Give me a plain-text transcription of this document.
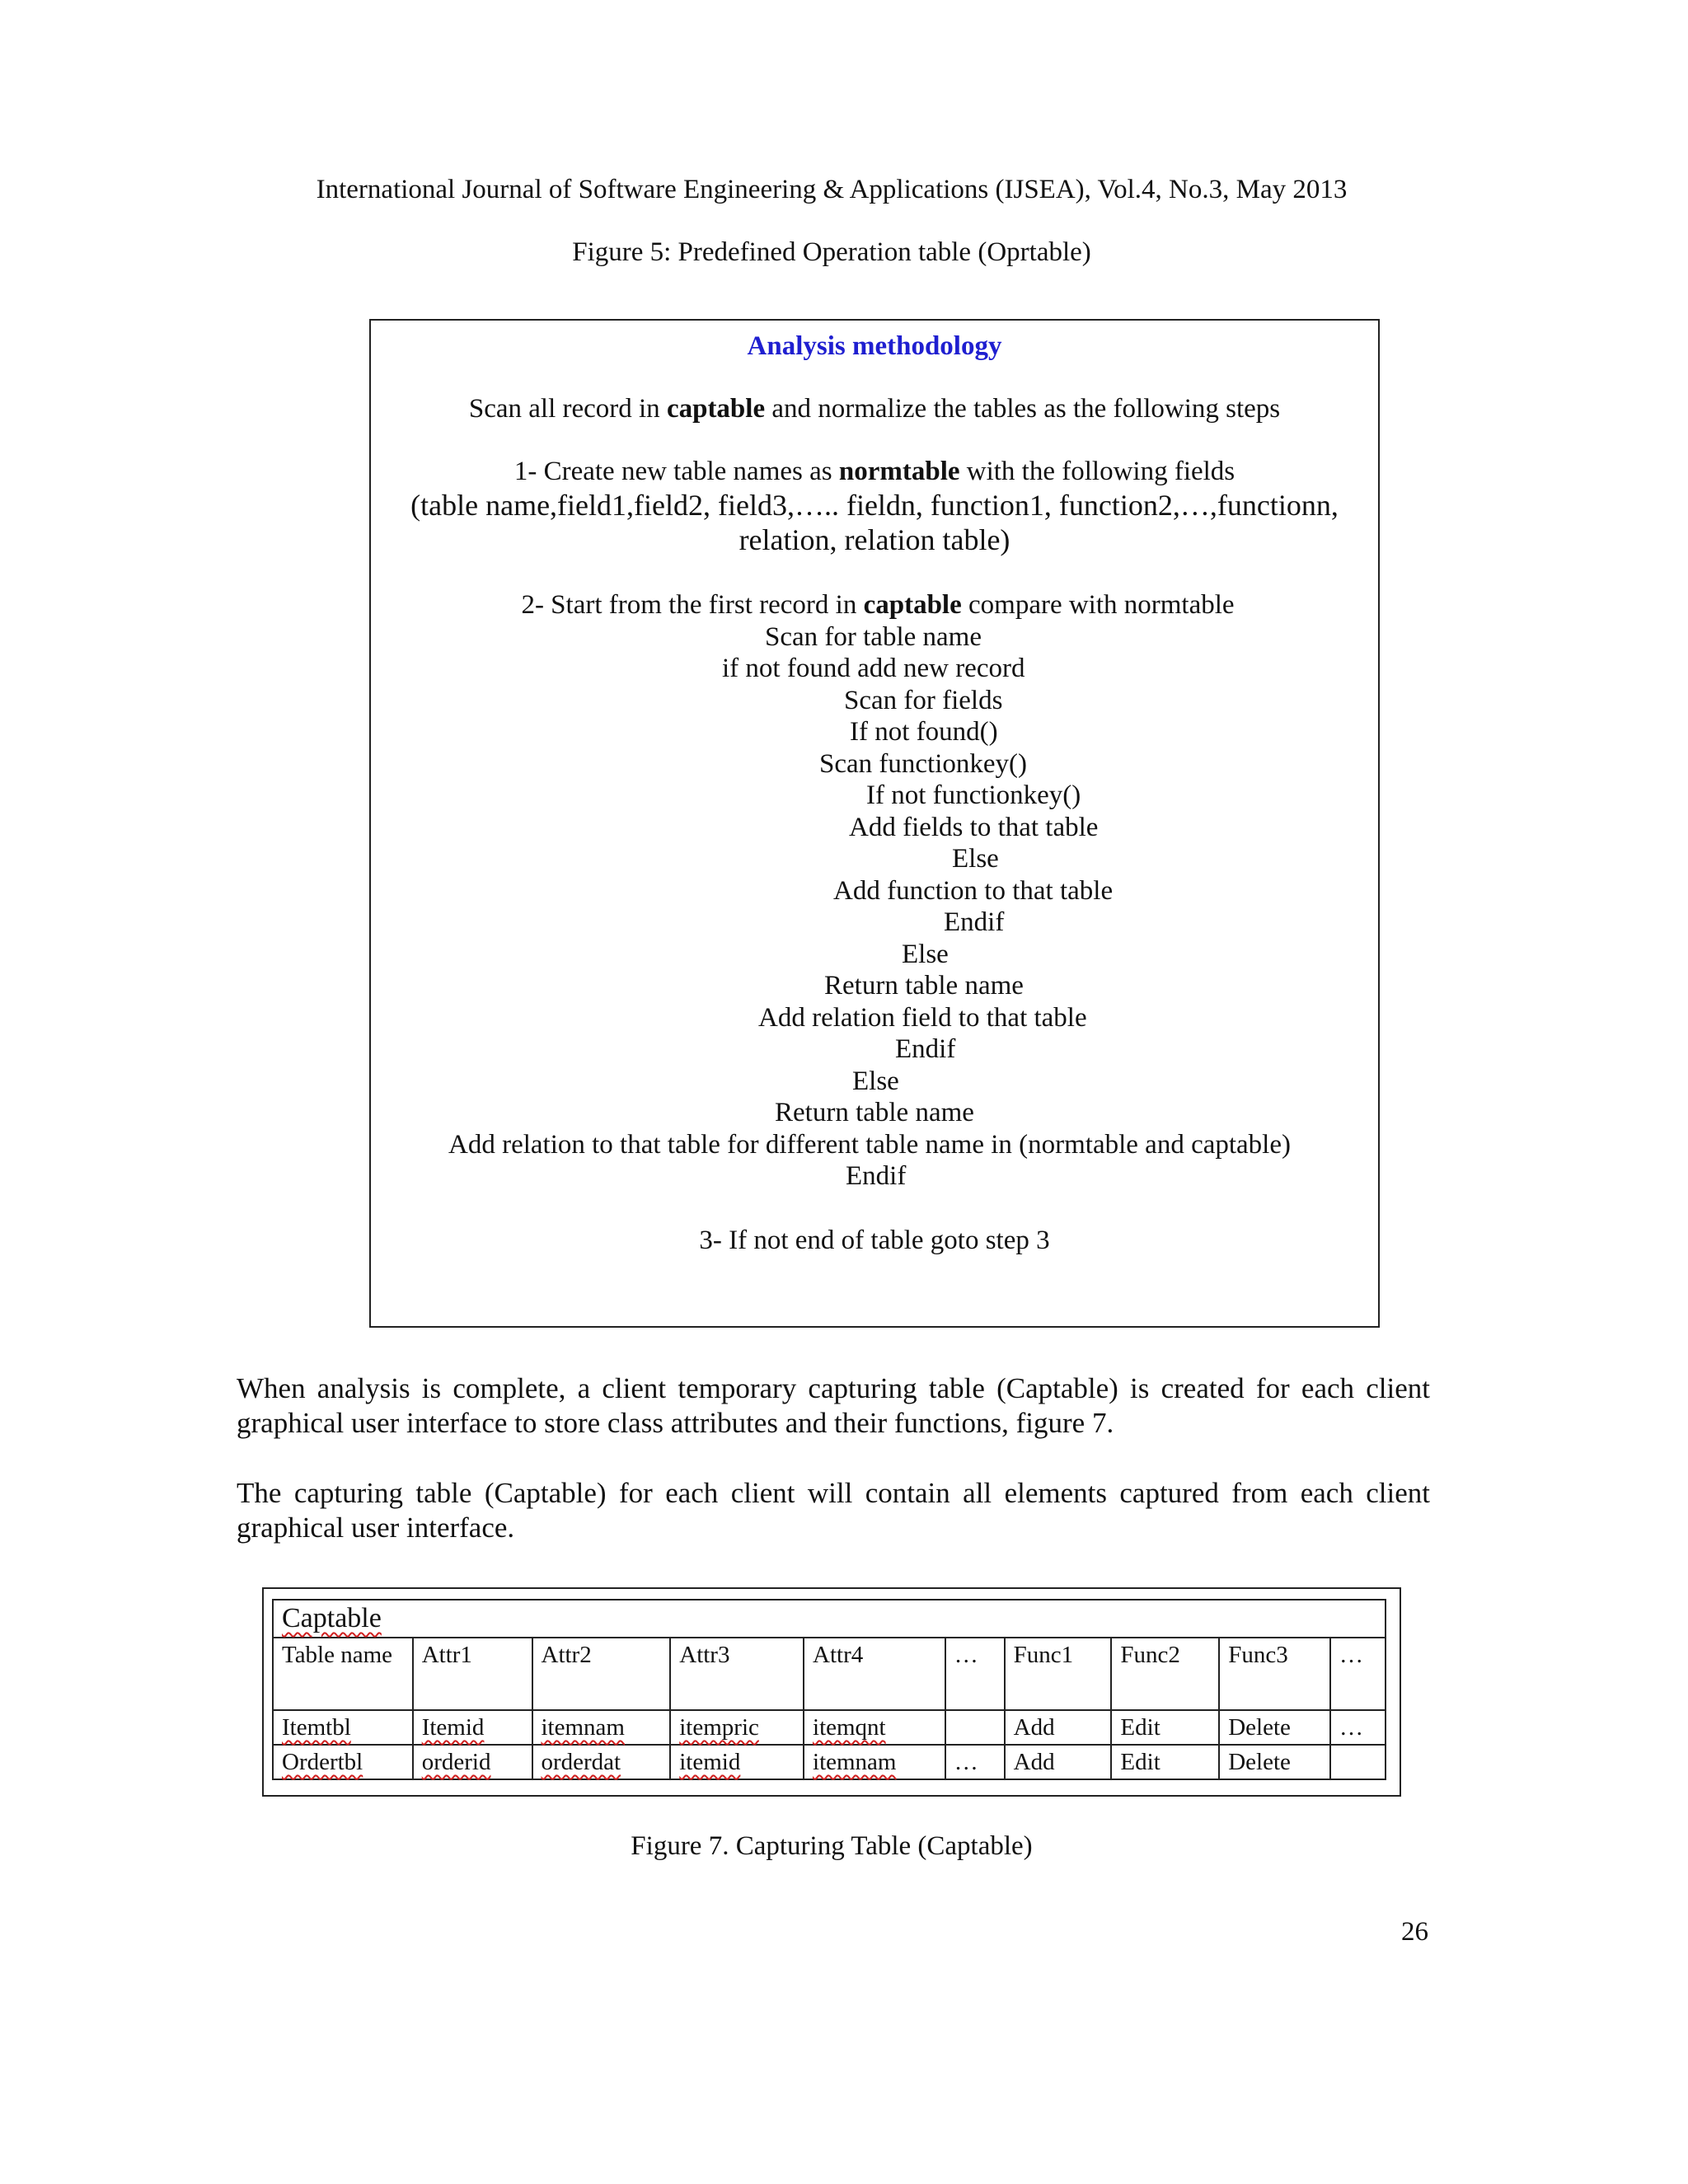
International Journal of Software Engineering & Applications (IJSEA), Vol.4, No.3, May 2013
Figure 5: Predefined Operation table (Oprtable)
Analysis methodology
Scan all record in captable and normalize the tables as the following steps
1- Create new table names as normtable with the following fields
(table name,field1,field2, field3,….. fieldn, function1, function2,…,functionn,
relation, relation table)
2- Start from the first record in captable compare with normtable
Scan for table name
if not found add new record
Scan for fields
If not found()
Scan functionkey()
If not functionkey()
Add fields to that table
Else
Add function to that table
Endif
Else
Return table name
Add relation field to that table
Endif
Else
Return table name
Add relation to that table for different table name in (normtable and captable)
Endif
3- If not end of table goto step 3
When analysis is complete, a client temporary capturing table (Captable) is created for each client graphical user interface to store class attributes and their functions, figure 7.
The capturing table (Captable) for each client will contain all elements captured from each client graphical user interface.
Captable									
Table name	Attr1	Attr2	Attr3	Attr4	…	Func1	Func2	Func3	…
Itemtbl	Itemid	itemnam	itempric	itemqnt		Add	Edit	Delete	…
Ordertbl	orderid	orderdat	itemid	itemnam	…	Add	Edit	Delete	
Figure 7. Capturing Table (Captable)
26
